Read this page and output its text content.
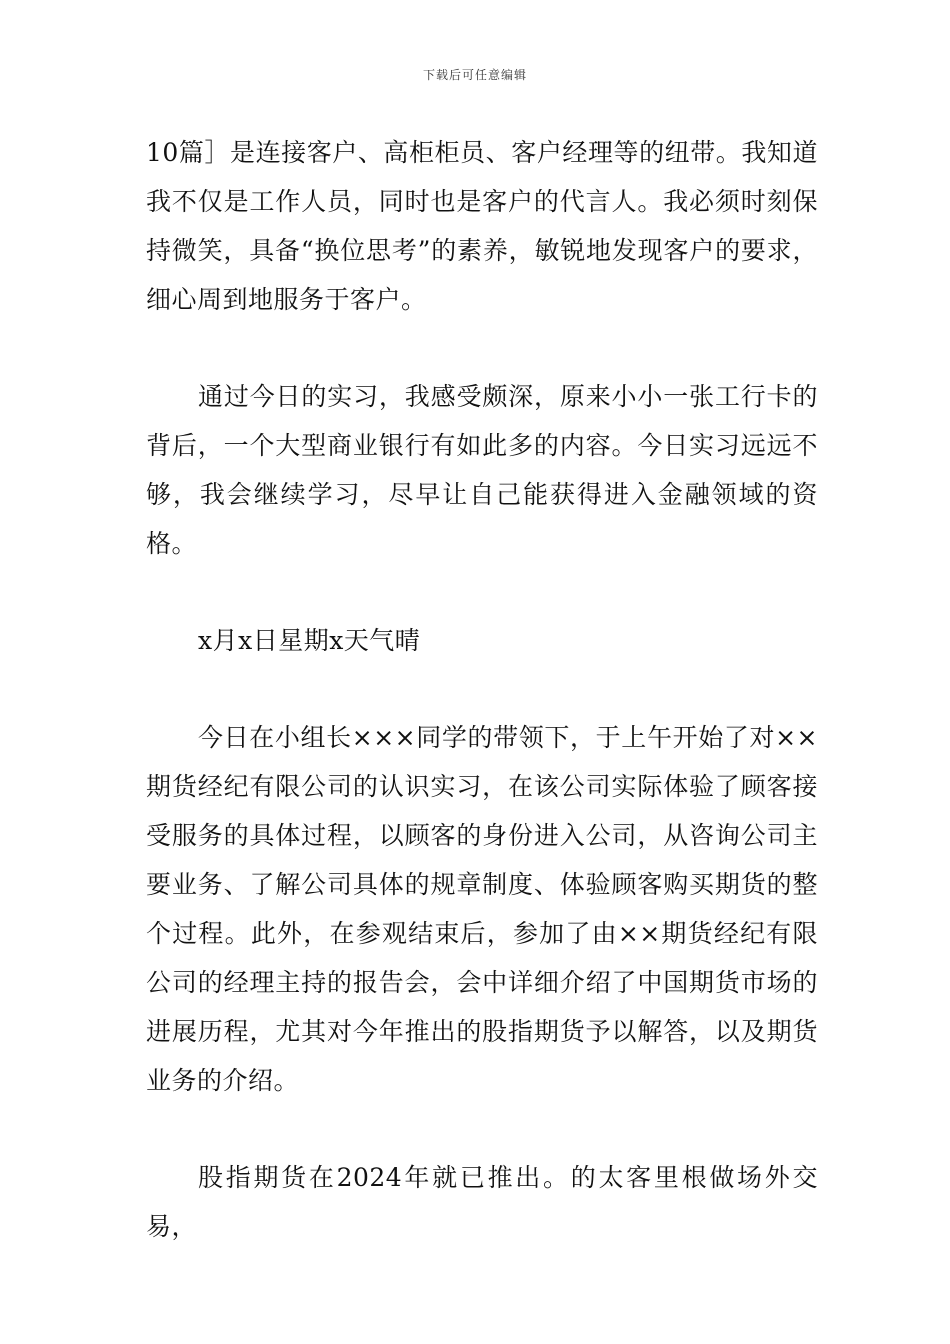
下载后可任意编辑

10篇］是连接客户、高柜柜员、客户经理等的纽带。我知道我不仅是工作人员，同时也是客户的代言人。我必须时刻保持微笑，具备“换位思考”的素养，敏锐地发现客户的要求，细心周到地服务于客户。

通过今日的实习，我感受颇深，原来小小一张工行卡的背后，一个大型商业银行有如此多的内容。今日实习远远不够，我会继续学习，尽早让自己能获得进入金融领域的资格。

x月x日星期x天气晴

今日在小组长×××同学的带领下，于上午开始了对××期货经纪有限公司的认识实习，在该公司实际体验了顾客接受服务的具体过程，以顾客的身份进入公司，从咨询公司主要业务、了解公司具体的规章制度、体验顾客购买期货的整个过程。此外，在参观结束后，参加了由××期货经纪有限公司的经理主持的报告会，会中详细介绍了中国期货市场的进展历程，尤其对今年推出的股指期货予以解答，以及期货业务的介绍。

股指期货在2024年就已推出。的太客里根做场外交易，
